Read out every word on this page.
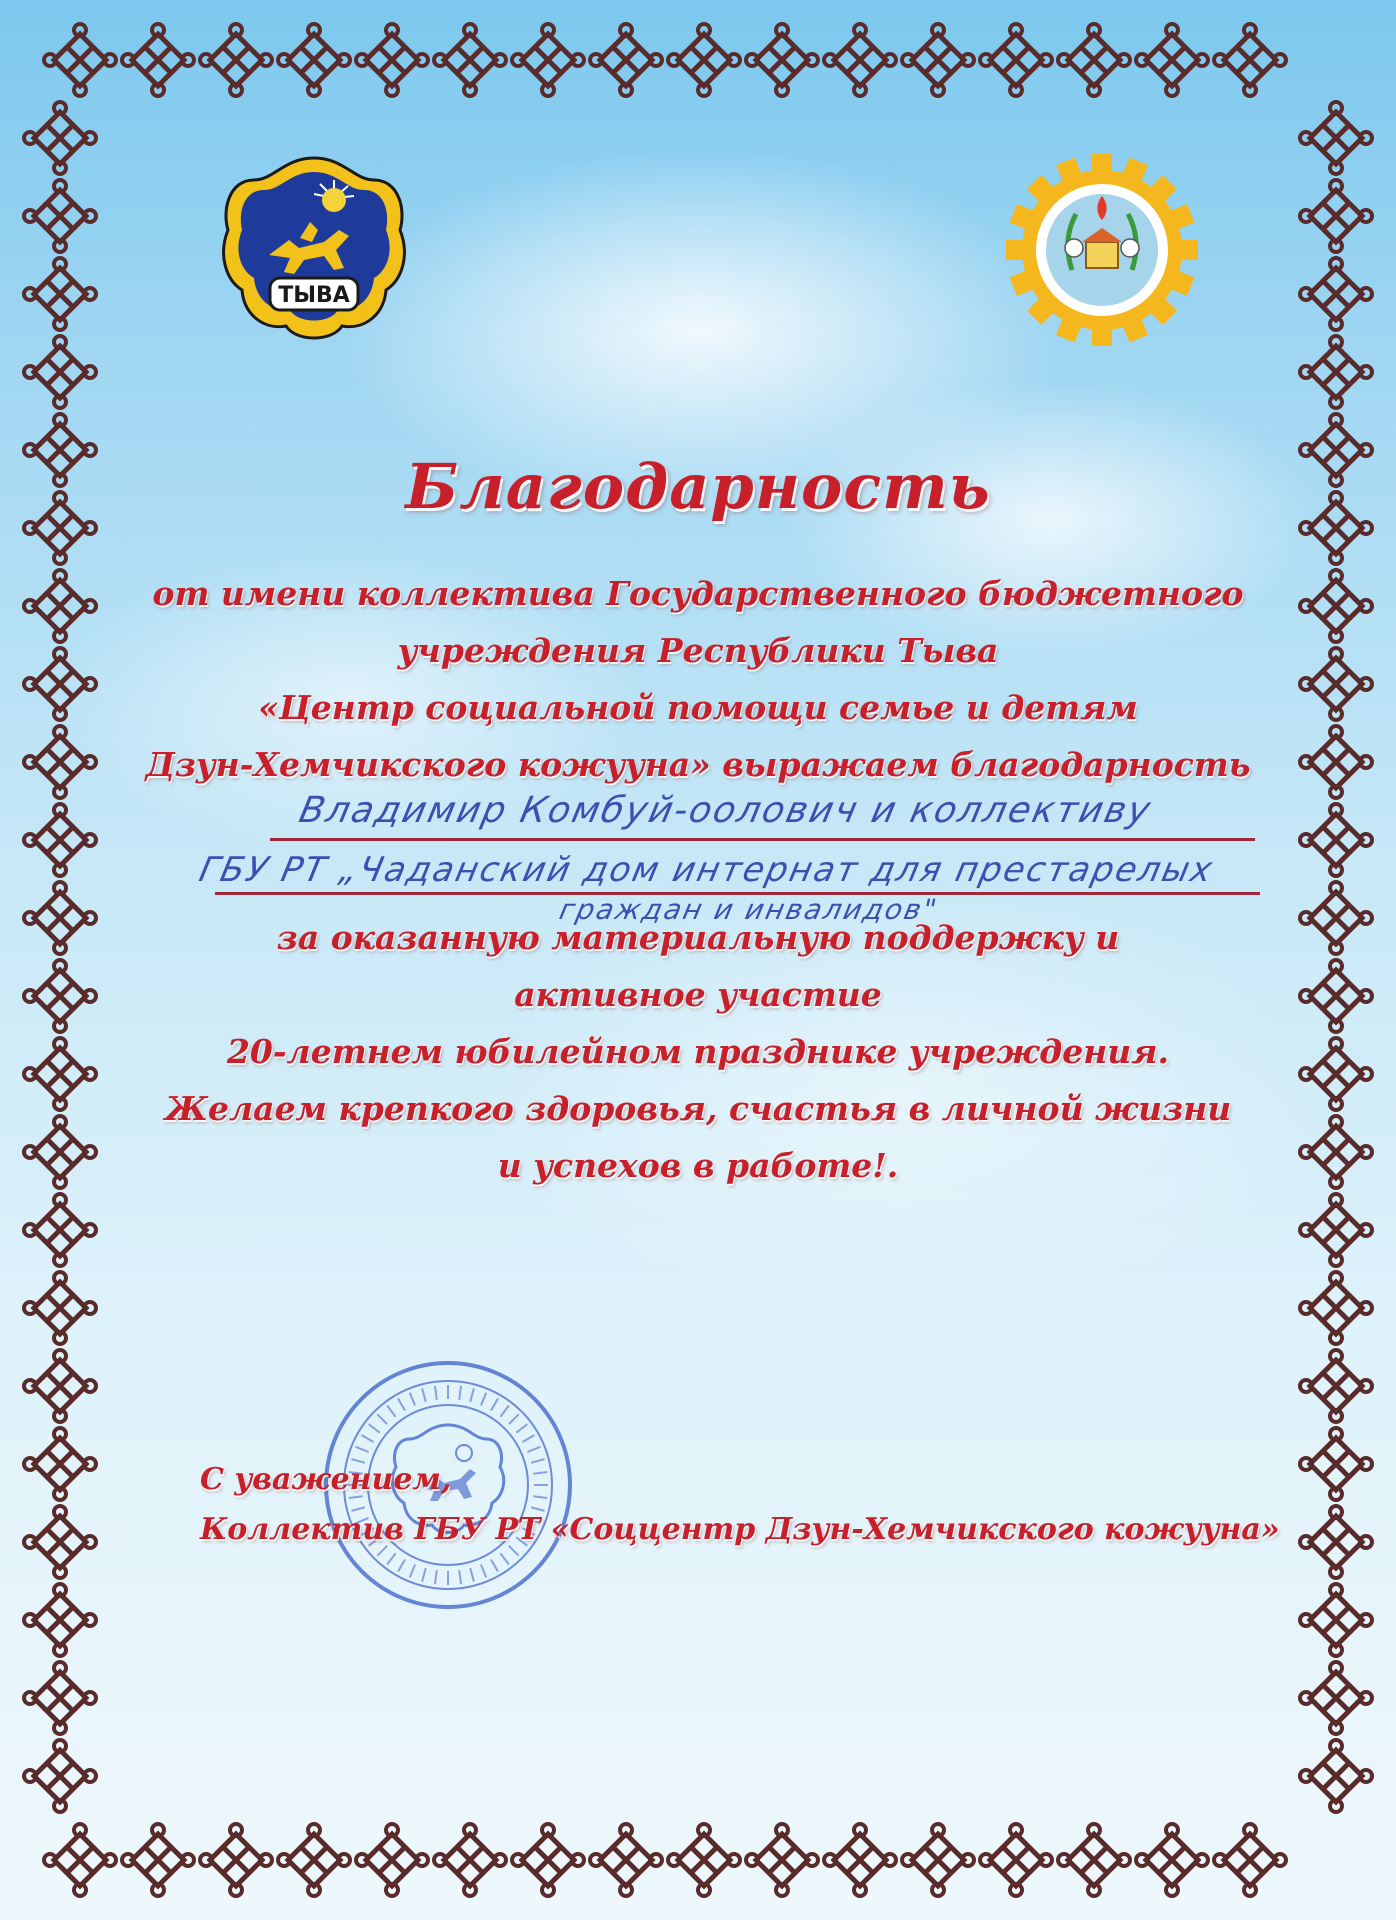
ТЫВА
Благодарность
от имени коллектива Государственного бюджетного
учреждения Республики Тыва
«Центр социальной помощи семье и детям
Дзун-Хемчикского кожууна» выражаем благодарность
Владимир Комбуй-оолович и коллективу
ГБУ РТ „Чаданский дом интернат для престарелых
граждан и инвалидов"
за оказанную материальную поддержку и
активное участие
20-летнем юбилейном празднике учреждения.
Желаем крепкого здоровья, счастья в личной жизни
и успехов в работе!.
С уважением,
Коллектив ГБУ РТ «Соццентр Дзун-Хемчикского кожууна»
